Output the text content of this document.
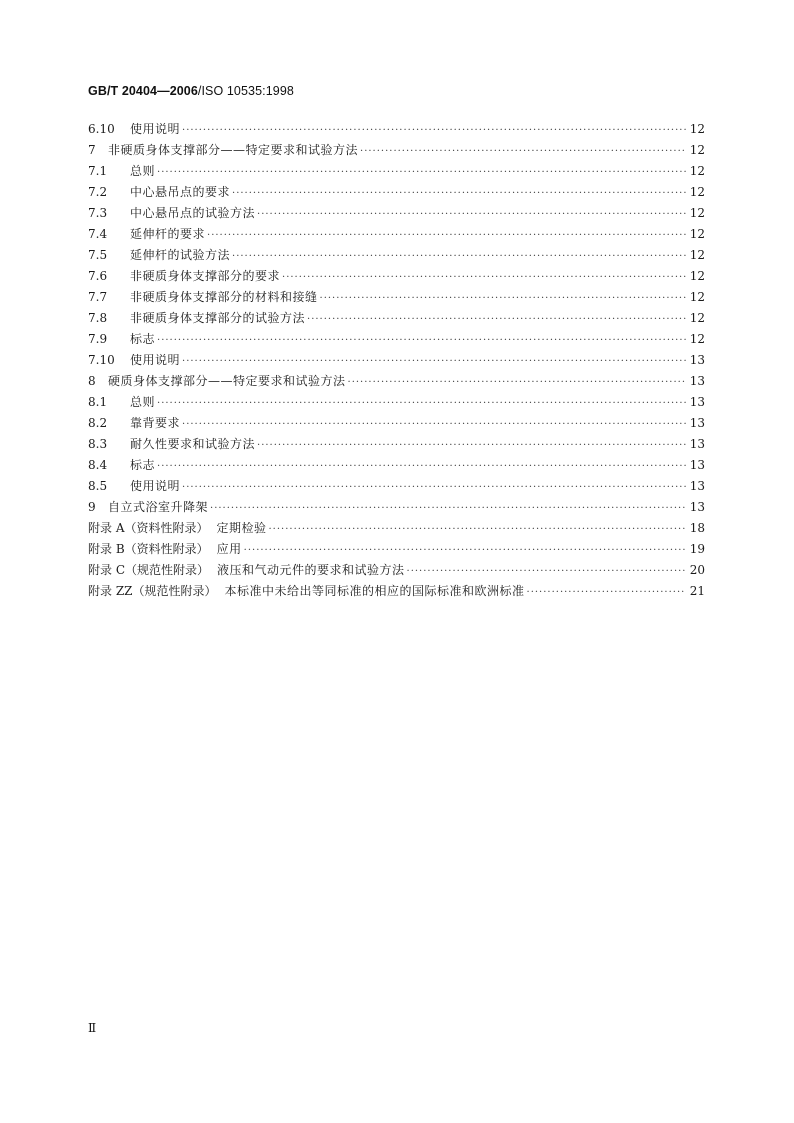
GB/T 20404—2006/ISO 10535:1998
6.10	使用说明 ·····	12
7	非硬质身体支撑部分——特定要求和试验方法 ·····	12
7.1	总则 ·····	12
7.2	中心悬吊点的要求 ·····	12
7.3	中心悬吊点的试验方法 ·····	12
7.4	延伸杆的要求 ·····	12
7.5	延伸杆的试验方法 ·····	12
7.6	非硬质身体支撑部分的要求 ·····	12
7.7	非硬质身体支撑部分的材料和接缝 ·····	12
7.8	非硬质身体支撑部分的试验方法 ·····	12
7.9	标志 ·····	12
7.10	使用说明 ·····	13
8	硬质身体支撑部分——特定要求和试验方法 ·····	13
8.1	总则 ·····	13
8.2	靠背要求 ·····	13
8.3	耐久性要求和试验方法 ·····	13
8.4	标志 ·····	13
8.5	使用说明 ·····	13
9	自立式浴室升降架 ·····	13
附录 A（资料性附录） 定期检验 ·····	18
附录 B（资料性附录） 应用 ·····	19
附录 C（规范性附录） 液压和气动元件的要求和试验方法 ·····	20
附录 ZZ（规范性附录） 本标准中未给出等同标准的相应的国际标准和欧洲标准 ·····	21
Ⅱ
